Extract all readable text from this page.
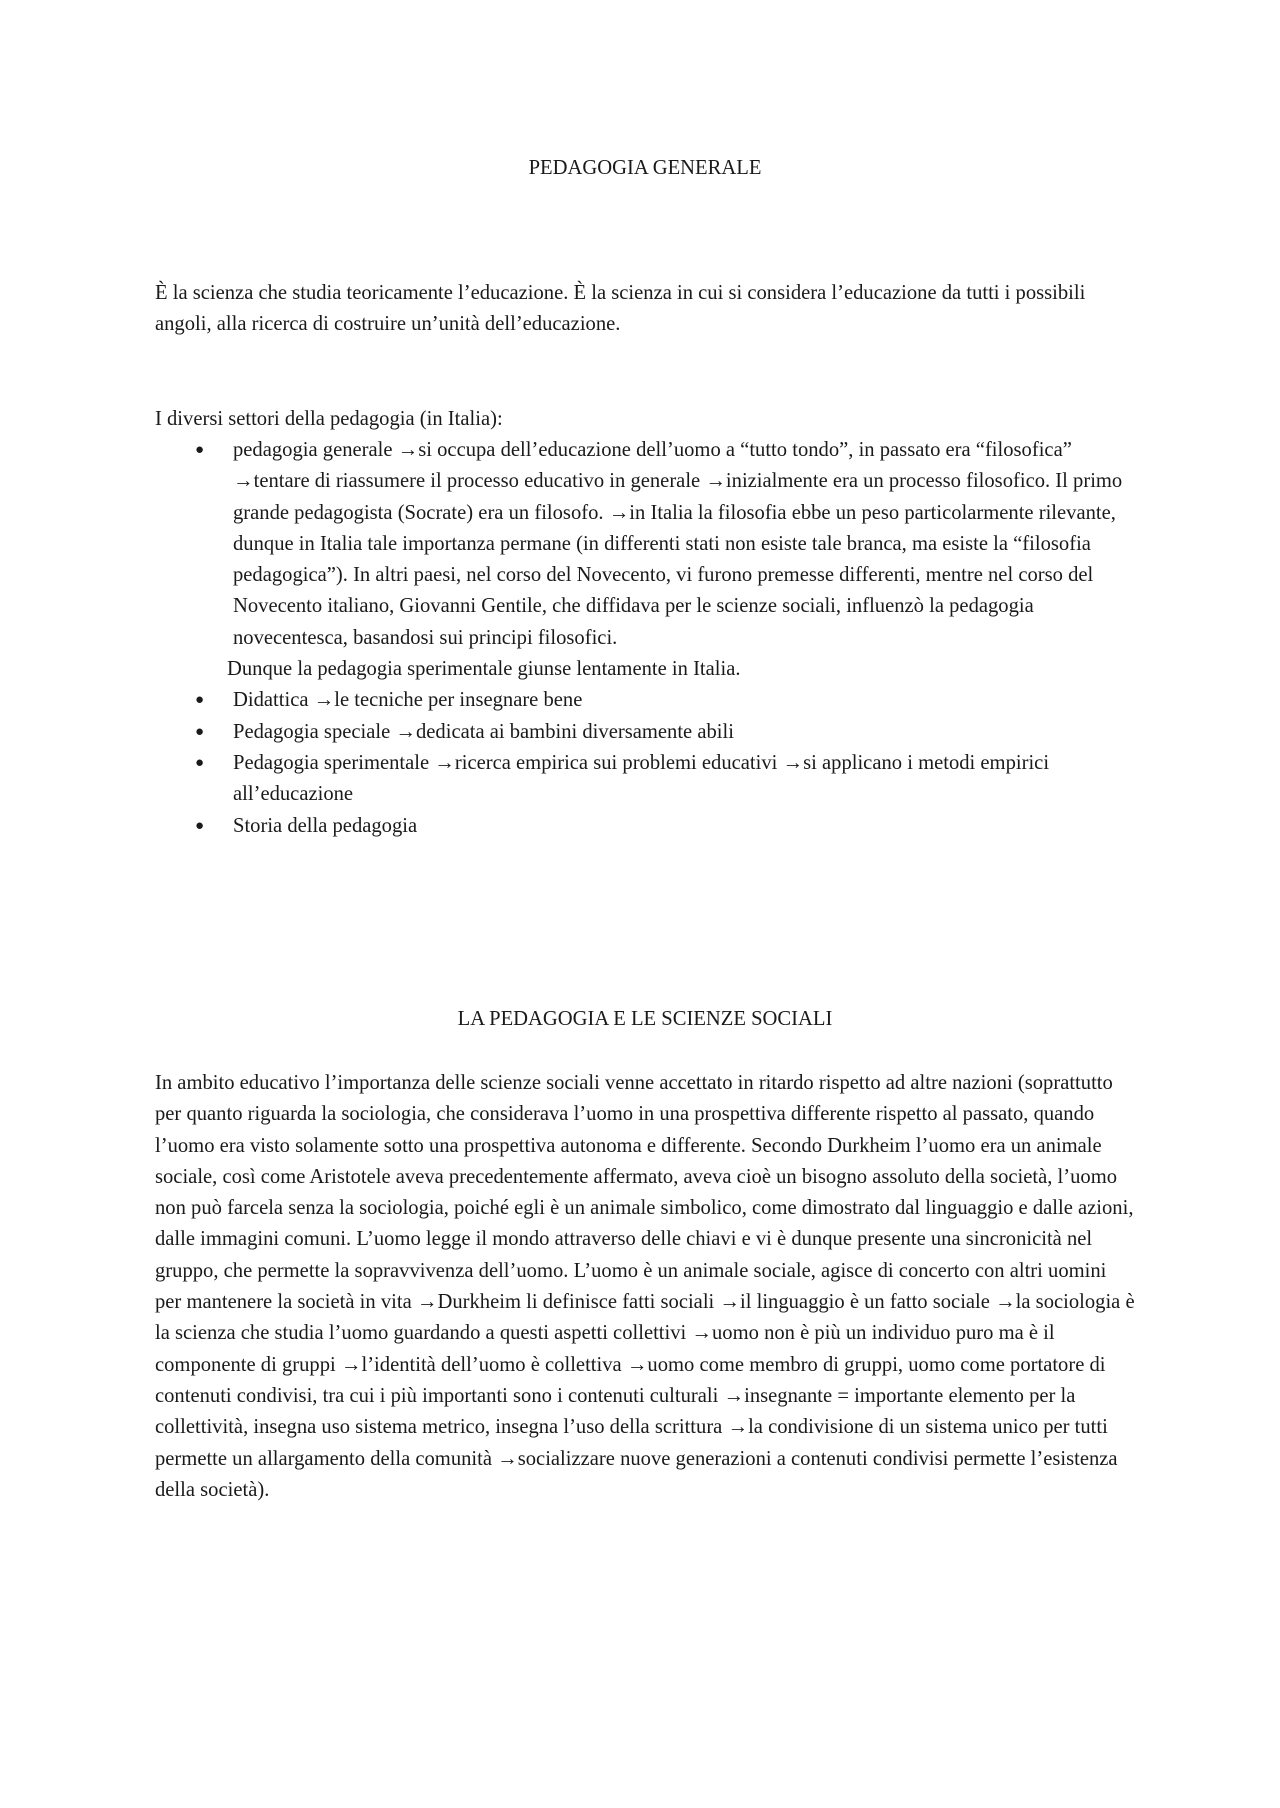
PEDAGOGIA GENERALE

È la scienza che studia teoricamente l’educazione. È la scienza in cui si considera l’educazione da tutti i possibili angoli, alla ricerca di costruire un’unità dell’educazione.

I diversi settori della pedagogia (in Italia):

● pedagogia generale →si occupa dell’educazione dell’uomo a “tutto tondo”, in passato era “filosofica” →tentare di riassumere il processo educativo in generale →inizialmente era un processo filosofico. Il primo grande pedagogista (Socrate) era un filosofo. →in Italia la filosofia ebbe un peso particolarmente rilevante, dunque in Italia tale importanza permane (in differenti stati non esiste tale branca, ma esiste la “filosofia pedagogica”). In altri paesi, nel corso del Novecento, vi furono premesse differenti, mentre nel corso del Novecento italiano, Giovanni Gentile, che diffidava per le scienze sociali, influenzò la pedagogia novecentesca, basandosi sui principi filosofici.

Dunque la pedagogia sperimentale giunse lentamente in Italia.

● Didattica →le tecniche per insegnare bene
● Pedagogia speciale →dedicata ai bambini diversamente abili
● Pedagogia sperimentale →ricerca empirica sui problemi educativi →si applicano i metodi empirici all’educazione
● Storia della pedagogia
LA PEDAGOGIA E LE SCIENZE SOCIALI

In ambito educativo l’importanza delle scienze sociali venne accettato in ritardo rispetto ad altre nazioni (soprattutto per quanto riguarda la sociologia, che considerava l’uomo in una prospettiva differente rispetto al passato, quando l’uomo era visto solamente sotto una prospettiva autonoma e differente. Secondo Durkheim l’uomo era un animale sociale, così come Aristotele aveva precedentemente affermato, aveva cioè un bisogno assoluto della società, l’uomo non può farcela senza la sociologia, poiché egli è un animale simbolico, come dimostrato dal linguaggio e dalle azioni, dalle immagini comuni. L’uomo legge il mondo attraverso delle chiavi e vi è dunque presente una sincronicità nel gruppo, che permette la sopravvivenza dell’uomo. L’uomo è un animale sociale, agisce di concerto con altri uomini per mantenere la società in vita →Durkheim li definisce fatti sociali →il linguaggio è un fatto sociale →la sociologia è la scienza che studia l’uomo guardando a questi aspetti collettivi →uomo non è più un individuo puro ma è il componente di gruppi →l’identità dell’uomo è collettiva →uomo come membro di gruppi, uomo come portatore di contenuti condivisi, tra cui i più importanti sono i contenuti culturali →insegnante = importante elemento per la collettività, insegna uso sistema metrico, insegna l’uso della scrittura →la condivisione di un sistema unico per tutti permette un allargamento della comunità →socializzare nuove generazioni a contenuti condivisi permette l’esistenza della società).
